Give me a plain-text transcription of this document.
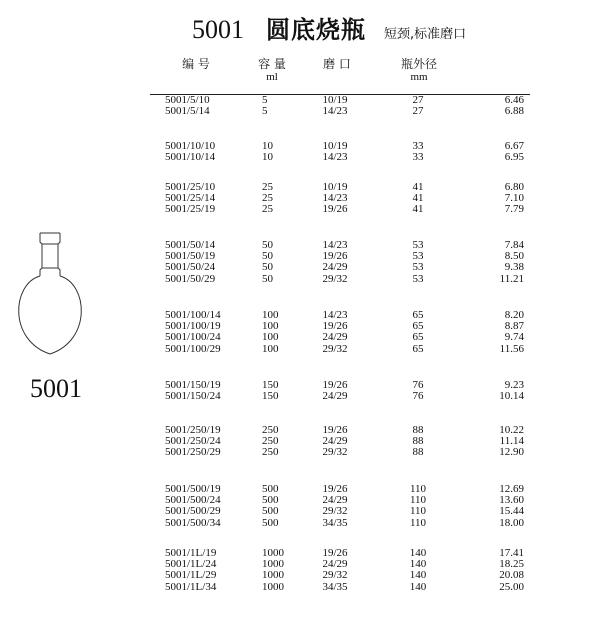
5001 圆底烧瓶 短颈,标准磨口
编 号	容 量
ml
磨 口	瓶外径
mm
5001/5/10	5	10/19	27	6.46
5001/5/14	5	14/23	27	6.88
5001/10/10	10	10/19	33	6.67
5001/10/14	10	14/23	33	6.95
5001/25/10	25	10/19	41	6.80
5001/25/14	25	14/23	41	7.10
5001/25/19	25	19/26	41	7.79
5001/50/14	50	14/23	53	7.84
5001/50/19	50	19/26	53	8.50
5001/50/24	50	24/29	53	9.38
5001/50/29	50	29/32	53	11.21
5001/100/14	100	14/23	65	8.20
5001/100/19	100	19/26	65	8.87
5001/100/24	100	24/29	65	9.74
5001/100/29	100	29/32	65	11.56
5001/150/19	150	19/26	76	9.23
5001/150/24	150	24/29	76	10.14
5001/250/19	250	19/26	88	10.22
5001/250/24	250	24/29	88	11.14
5001/250/29	250	29/32	88	12.90
5001/500/19	500	19/26	110	12.69
5001/500/24	500	24/29	110	13.60
5001/500/29	500	29/32	110	15.44
5001/500/34	500	34/35	110	18.00
5001/1L/19	1000	19/26	140	17.41
5001/1L/24	1000	24/29	140	18.25
5001/1L/29	1000	29/32	140	20.08
5001/1L/34	1000	34/35	140	25.00
5001
